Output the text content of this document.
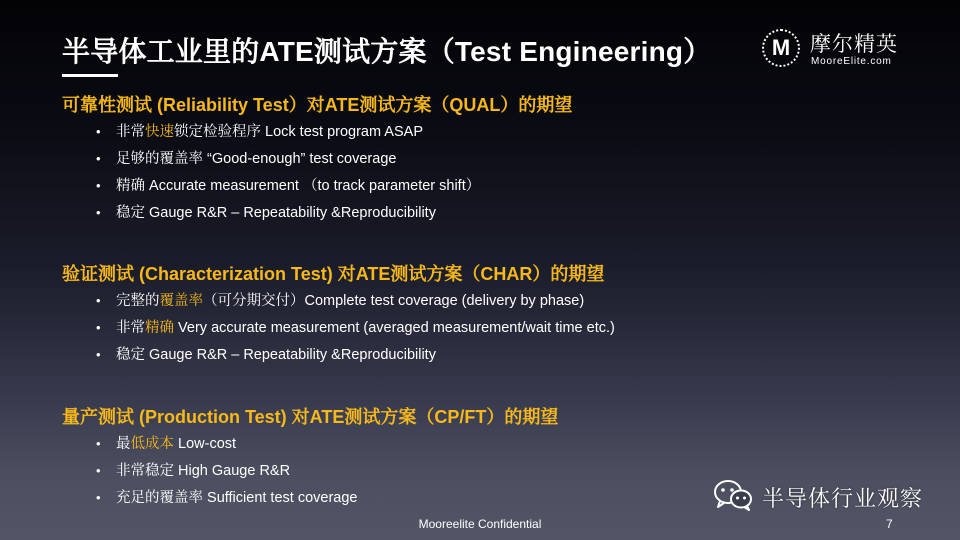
半导体工业里的ATE测试方案（Test Engineering）	M 摩尔精英
MooreElite.com
可靠性测试 (Reliability Test）对ATE测试方案（QUAL）的期望
• 非常快速锁定检验程序 Lock test program ASAP
• 足够的覆盖率 “Good-enough” test coverage
• 精确 Accurate measurement （to track parameter shift）
• 稳定 Gauge R&R – Repeatability &Reproducibility
验证测试 (Characterization Test) 对ATE测试方案（CHAR）的期望
• 完整的覆盖率（可分期交付）Complete test coverage (delivery by phase)
• 非常精确 Very accurate measurement (averaged measurement/wait time etc.)
• 稳定 Gauge R&R – Repeatability &Reproducibility
量产测试 (Production Test) 对ATE测试方案（CP/FT）的期望
• 最低成本 Low-cost
• 非常稳定 High Gauge R&R
• 充足的覆盖率 Sufficient test coverage	半导体行业观察
Mooreelite Confidential	7
